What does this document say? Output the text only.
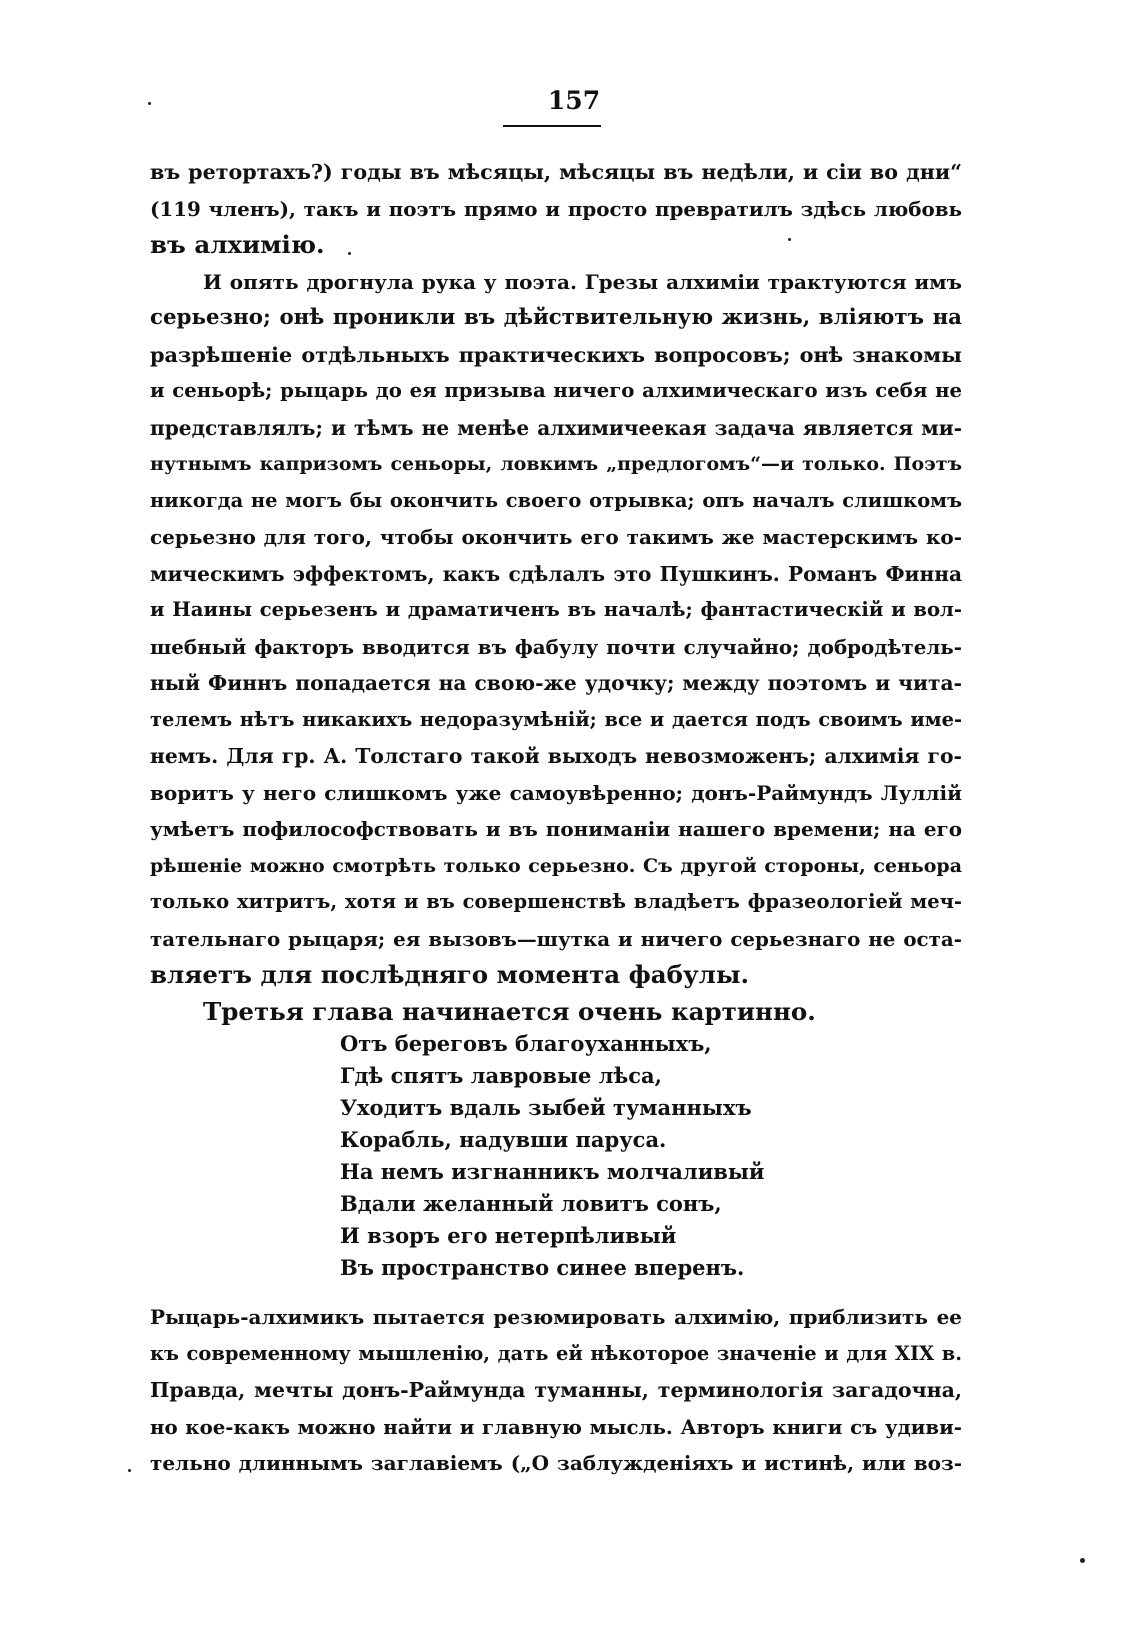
157
въ ретортахъ?) годы въ мѣсяцы, мѣсяцы въ недѣли, и сіи во дни“
(119 членъ), такъ и поэтъ прямо и просто превратилъ здѣсь любовь
въ алхимію.
И опять дрогнула рука у поэта. Грезы алхиміи трактуются имъ
серьезно; онѣ проникли въ дѣйствительную жизнь, вліяютъ на
разрѣшеніе отдѣльныхъ практическихъ вопросовъ; онѣ знакомы
и сеньорѣ; рыцарь до ея призыва ничего алхимическаго изъ себя не
представлялъ; и тѣмъ не менѣе алхимичеекая задача является ми-
нутнымъ капризомъ сеньоры, ловкимъ „предлогомъ“—и только. Поэтъ
никогда не могъ бы окончить своего отрывка; опъ началъ слишкомъ
серьезно для того, чтобы окончить его такимъ же мастерскимъ ко-
мическимъ эффектомъ, какъ сдѣлалъ это Пушкинъ. Романъ Финна
и Наины серьезенъ и драматиченъ въ началѣ; фантастическій и вол-
шебный факторъ вводится въ фабулу почти случайно; добродѣтель-
ный Финнъ попадается на свою-же удочку; между поэтомъ и чита-
телемъ нѣтъ никакихъ недоразумѣній; все и дается подъ своимъ име-
немъ. Для гр. А. Толстаго такой выходъ невозможенъ; алхимія го-
воритъ у него слишкомъ уже самоувѣренно; донъ-Раймундъ Луллій
умѣетъ пофилософствовать и въ пониманіи нашего времени; на его
рѣшеніе можно смотрѣть только серьезно. Съ другой стороны, сеньора
только хитритъ, хотя и въ совершенствѣ владѣетъ фразеологіей меч-
тательнаго рыцаря; ея вызовъ—шутка и ничего серьезнаго не оста-
вляетъ для послѣдняго момента фабулы.
Третья глава начинается очень картинно.
Отъ береговъ благоуханныхъ,
Гдѣ спятъ лавровые лѣса,
Уходитъ вдаль зыбей туманныхъ
Корабль, надувши паруса.
На немъ изгнанникъ молчаливый
Вдали желанный ловитъ сонъ,
И взоръ его нетерпѣливый
Въ пространство синее вперенъ.
Рыцарь-алхимикъ пытается резюмировать алхимію, приблизить ее
къ современному мышленію, дать ей нѣкоторое значеніе и для XIX в.
Правда, мечты донъ-Раймунда туманны, терминологія загадочна,
но кое-какъ можно найти и главную мысль. Авторъ книги съ удиви-
тельно длиннымъ заглавіемъ („О заблужденіяхъ и истинѣ, или воз-
